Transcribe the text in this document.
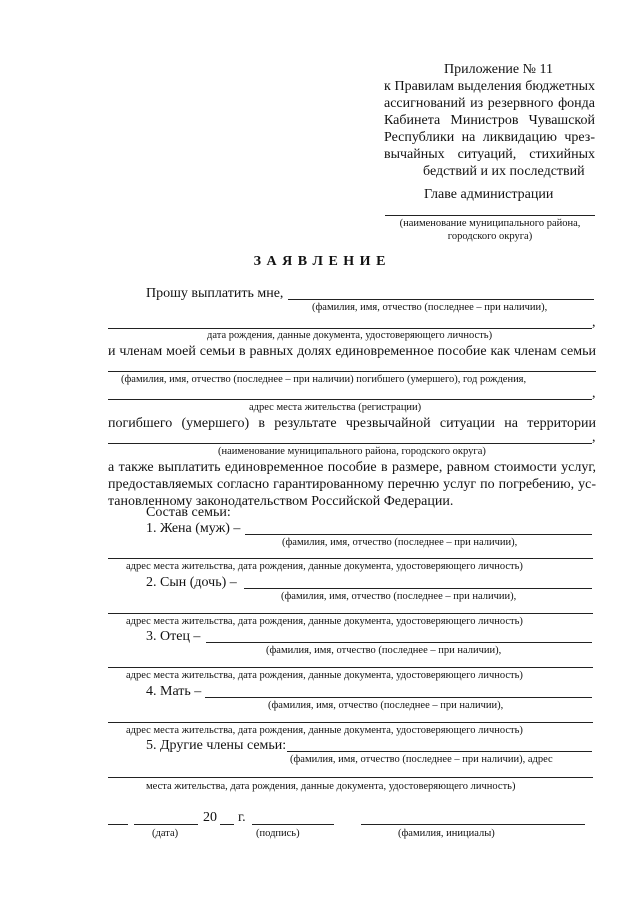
Приложение № 11
к Правилам выделения бюджетных
ассигнований из резервного фонда
Кабинета Министров Чувашской
Республики на ликвидацию чрез-
вычайных ситуаций, стихийных
бедствий и их последствий
Главе администрации
(наименование муниципального района,
городского округа)
З А Я В Л Е Н И Е
Прошу выплатить мне,
(фамилия, имя, отчество (последнее – при наличии),
,
дата рождения, данные документа, удостоверяющего личность)
и членам моей семьи в равных долях единовременное пособие как членам семьи
(фамилия, имя, отчество (последнее – при наличии) погибшего (умершего), год рождения,
,
адрес места жительства (регистрации)
погибшего (умершего) в результате чрезвычайной ситуации на территории
,
(наименование муниципального района, городского округа)
а также выплатить единовременное пособие в размере, равном стоимости услуг,
предоставляемых согласно гарантированному перечню услуг по погребению, ус-
тановленному законодательством Российской Федерации.
Состав семьи:
1. Жена (муж) –
(фамилия, имя, отчество (последнее – при наличии),
адрес места жительства, дата рождения, данные документа, удостоверяющего личность)
2. Сын (дочь) –
(фамилия, имя, отчество (последнее – при наличии),
адрес места жительства, дата рождения, данные документа, удостоверяющего личность)
3. Отец –
(фамилия, имя, отчество (последнее – при наличии),
адрес места жительства, дата рождения, данные документа, удостоверяющего личность)
4. Мать –
(фамилия, имя, отчество (последнее – при наличии),
адрес места жительства, дата рождения, данные документа, удостоверяющего личность)
5. Другие члены семьи:
(фамилия, имя, отчество (последнее – при наличии), адрес
места жительства, дата рождения, данные документа, удостоверяющего личность)
20 г.
(дата)	(подпись)	(фамилия, инициалы)
